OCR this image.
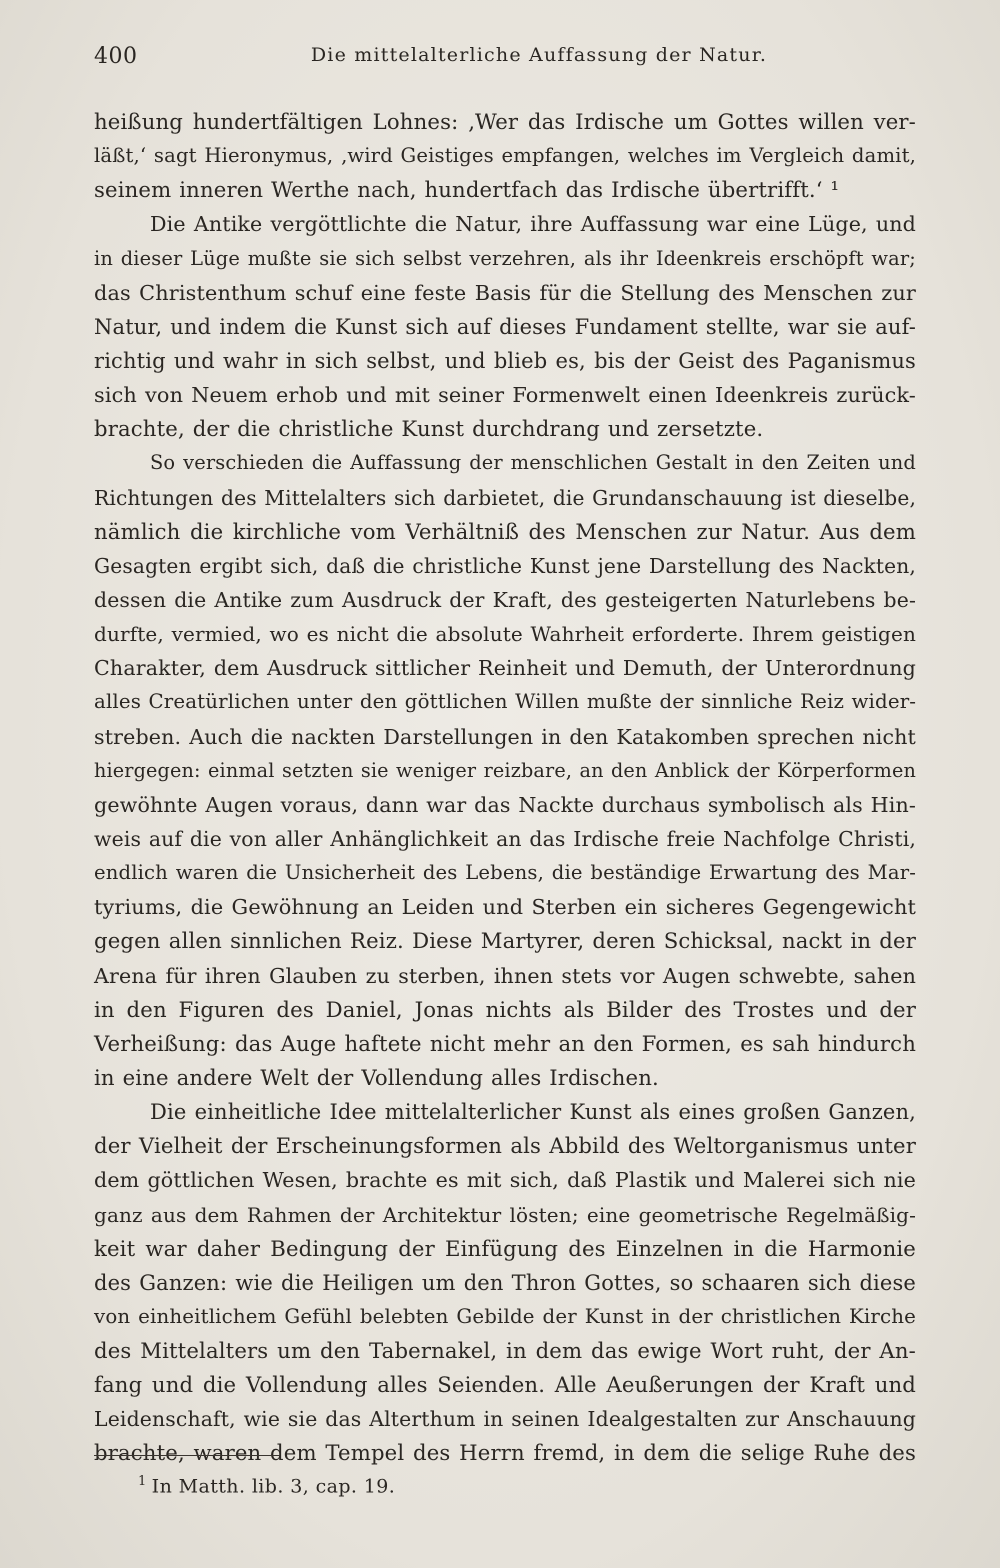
400	Die mittelalterliche Auffassung der Natur.
heißung hundertfältigen Lohnes: ‚Wer das Irdische um Gottes willen ver-
läßt,‘ sagt Hieronymus, ‚wird Geistiges empfangen, welches im Vergleich damit,
seinem inneren Werthe nach, hundertfach das Irdische übertrifft.‘ ¹
Die Antike vergöttlichte die Natur, ihre Auffassung war eine Lüge, und
in dieser Lüge mußte sie sich selbst verzehren, als ihr Ideenkreis erschöpft war;
das Christenthum schuf eine feste Basis für die Stellung des Menschen zur
Natur, und indem die Kunst sich auf dieses Fundament stellte, war sie auf-
richtig und wahr in sich selbst, und blieb es, bis der Geist des Paganismus
sich von Neuem erhob und mit seiner Formenwelt einen Ideenkreis zurück-
brachte, der die christliche Kunst durchdrang und zersetzte.
So verschieden die Auffassung der menschlichen Gestalt in den Zeiten und
Richtungen des Mittelalters sich darbietet, die Grundanschauung ist dieselbe,
nämlich die kirchliche vom Verhältniß des Menschen zur Natur. Aus dem
Gesagten ergibt sich, daß die christliche Kunst jene Darstellung des Nackten,
dessen die Antike zum Ausdruck der Kraft, des gesteigerten Naturlebens be-
durfte, vermied, wo es nicht die absolute Wahrheit erforderte. Ihrem geistigen
Charakter, dem Ausdruck sittlicher Reinheit und Demuth, der Unterordnung
alles Creatürlichen unter den göttlichen Willen mußte der sinnliche Reiz wider-
streben. Auch die nackten Darstellungen in den Katakomben sprechen nicht
hiergegen: einmal setzten sie weniger reizbare, an den Anblick der Körperformen
gewöhnte Augen voraus, dann war das Nackte durchaus symbolisch als Hin-
weis auf die von aller Anhänglichkeit an das Irdische freie Nachfolge Christi,
endlich waren die Unsicherheit des Lebens, die beständige Erwartung des Mar-
tyriums, die Gewöhnung an Leiden und Sterben ein sicheres Gegengewicht
gegen allen sinnlichen Reiz. Diese Martyrer, deren Schicksal, nackt in der
Arena für ihren Glauben zu sterben, ihnen stets vor Augen schwebte, sahen
in den Figuren des Daniel, Jonas nichts als Bilder des Trostes und der
Verheißung: das Auge haftete nicht mehr an den Formen, es sah hindurch
in eine andere Welt der Vollendung alles Irdischen.
Die einheitliche Idee mittelalterlicher Kunst als eines großen Ganzen,
der Vielheit der Erscheinungsformen als Abbild des Weltorganismus unter
dem göttlichen Wesen, brachte es mit sich, daß Plastik und Malerei sich nie
ganz aus dem Rahmen der Architektur lösten; eine geometrische Regelmäßig-
keit war daher Bedingung der Einfügung des Einzelnen in die Harmonie
des Ganzen: wie die Heiligen um den Thron Gottes, so schaaren sich diese
von einheitlichem Gefühl belebten Gebilde der Kunst in der christlichen Kirche
des Mittelalters um den Tabernakel, in dem das ewige Wort ruht, der An-
fang und die Vollendung alles Seienden. Alle Aeußerungen der Kraft und
Leidenschaft, wie sie das Alterthum in seinen Idealgestalten zur Anschauung
brachte, waren dem Tempel des Herrn fremd, in dem die selige Ruhe des
$^1$ In Matth. lib. 3, cap. 19.
